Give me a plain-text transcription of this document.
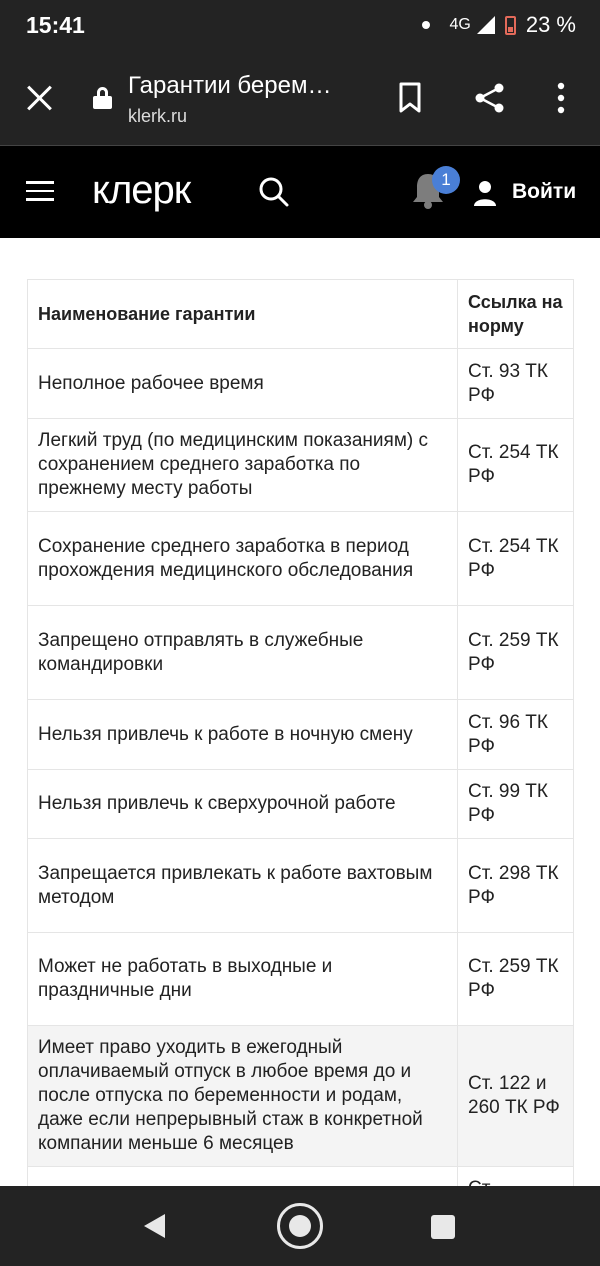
15:41	4G	23 %
Гарантии берем…
klerk.ru
клерк	Войти
1
Наименование гарантии	Ссылка на норму
Неполное рабочее время	Ст. 93 ТК РФ
Легкий труд (по медицинским показаниям) с сохранением среднего заработка по прежнему месту работы	Ст. 254 ТК РФ
Сохранение среднего заработка в период прохождения медицинского обследования	Ст. 254 ТК РФ
Запрещено отправлять в служебные командировки	Ст. 259 ТК РФ
Нельзя привлечь к работе в ночную смену	Ст. 96 ТК РФ
Нельзя привлечь к сверхурочной работе	Ст. 99 ТК РФ
Запрещается привлекать к работе вахтовым методом	Ст. 298 ТК РФ
Может не работать в выходные и праздничные дни	Ст. 259 ТК РФ
Имеет право уходить в ежегодный оплачиваемый отпуск в любое время до и после отпуска по беременности и родам, даже если непрерывный стаж в конкретной компании меньше 6 месяцев	Ст. 122 и 260 ТК РФ
